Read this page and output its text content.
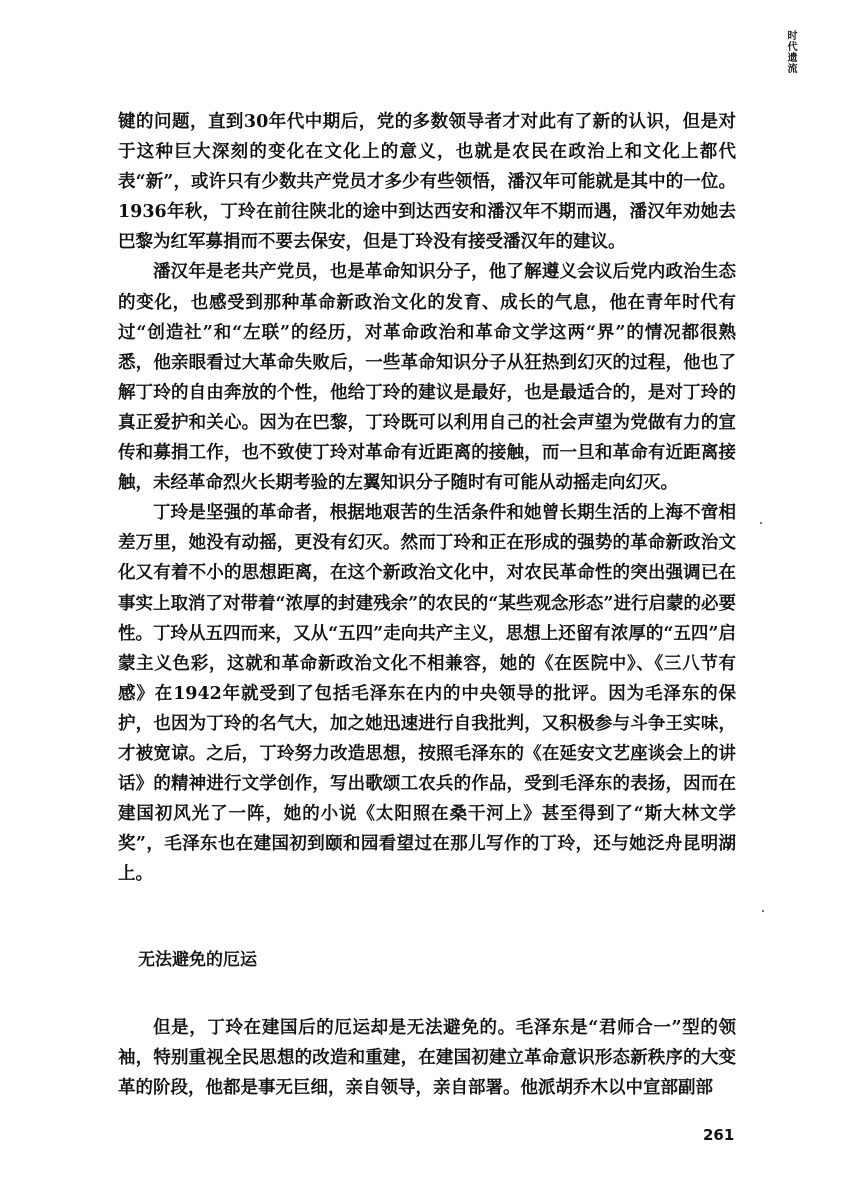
时代遗流

键的问题，直到30年代中期后，党的多数领导者才对此有了新的认识，但是对于这种巨大深刻的变化在文化上的意义，也就是农民在政治上和文化上都代表“新”，或许只有少数共产党员才多少有些领悟，潘汉年可能就是其中的一位。1936年秋，丁玲在前往陕北的途中到达西安和潘汉年不期而遇，潘汉年劝她去巴黎为红军募捐而不要去保安，但是丁玲没有接受潘汉年的建议。

潘汉年是老共产党员，也是革命知识分子，他了解遵义会议后党内政治生态的变化，也感受到那种革命新政治文化的发育、成长的气息，他在青年时代有过“创造社”和“左联”的经历，对革命政治和革命文学这两“界”的情况都很熟悉，他亲眼看过大革命失败后，一些革命知识分子从狂热到幻灭的过程，他也了解丁玲的自由奔放的个性，他给丁玲的建议是最好，也是最适合的，是对丁玲的真正爱护和关心。因为在巴黎，丁玲既可以利用自己的社会声望为党做有力的宣传和募捐工作，也不致使丁玲对革命有近距离的接触，而一旦和革命有近距离接触，未经革命烈火长期考验的左翼知识分子随时有可能从动摇走向幻灭。

丁玲是坚强的革命者，根据地艰苦的生活条件和她曾长期生活的上海不啻相差万里，她没有动摇，更没有幻灭。然而丁玲和正在形成的强势的革命新政治文化又有着不小的思想距离，在这个新政治文化中，对农民革命性的突出强调已在事实上取消了对带着“浓厚的封建残余”的农民的“某些观念形态”进行启蒙的必要性。丁玲从五四而来，又从“五四”走向共产主义，思想上还留有浓厚的“五四”启蒙主义色彩，这就和革命新政治文化不相兼容，她的《在医院中》、《三八节有感》在1942年就受到了包括毛泽东在内的中央领导的批评。因为毛泽东的保护，也因为丁玲的名气大，加之她迅速进行自我批判，又积极参与斗争王实味，才被宽谅。之后，丁玲努力改造思想，按照毛泽东的《在延安文艺座谈会上的讲话》的精神进行文学创作，写出歌颂工农兵的作品，受到毛泽东的表扬，因而在建国初风光了一阵，她的小说《太阳照在桑干河上》甚至得到了“斯大林文学奖”，毛泽东也在建国初到颐和园看望过在那儿写作的丁玲，还与她泛舟昆明湖上。

无法避免的厄运

但是，丁玲在建国后的厄运却是无法避免的。毛泽东是“君师合一”型的领袖，特别重视全民思想的改造和重建，在建国初建立革命意识形态新秩序的大变革的阶段，他都是事无巨细，亲自领导，亲自部署。他派胡乔木以中宣部副部

261
